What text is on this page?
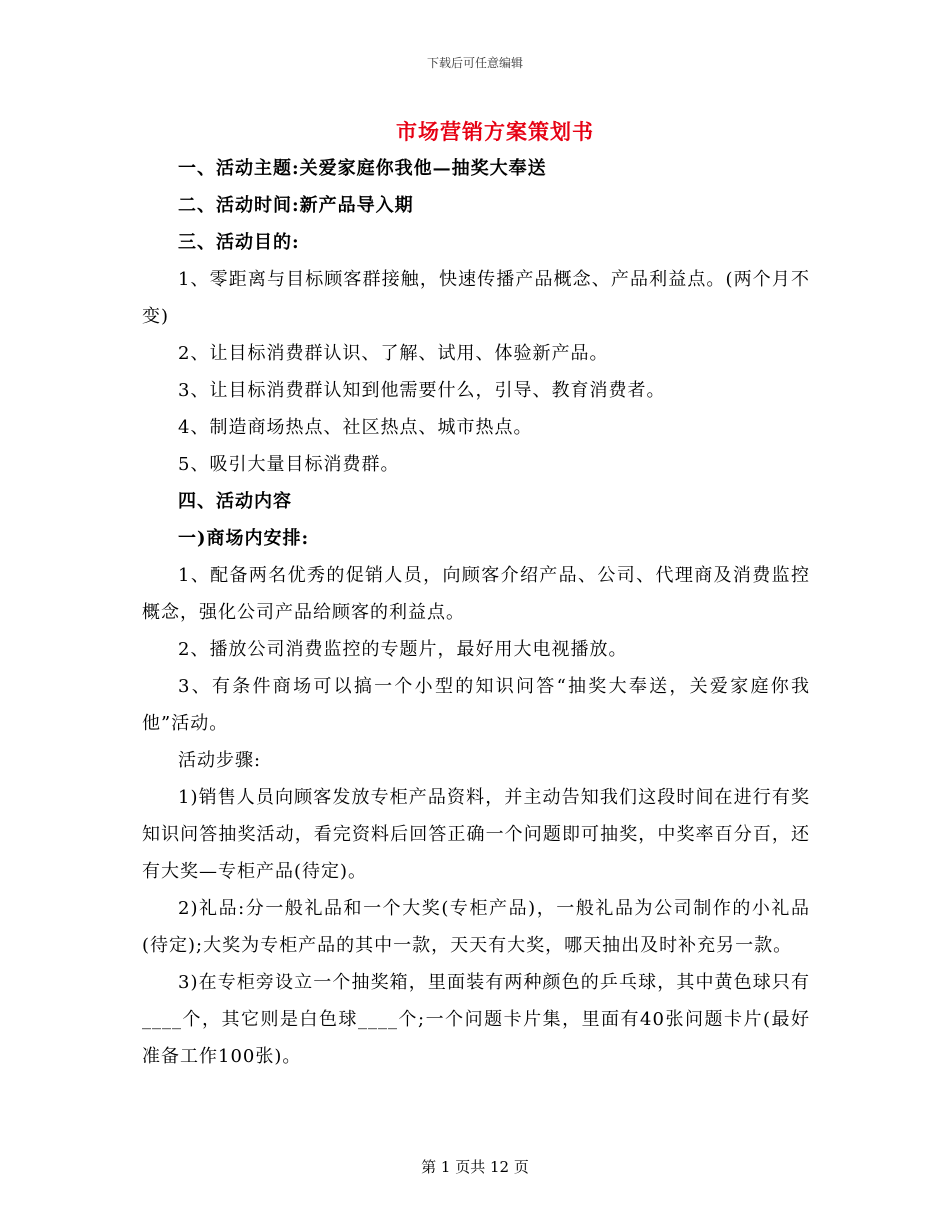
下载后可任意编辑
市场营销方案策划书

一、活动主题:关爱家庭你我他—抽奖大奉送

二、活动时间:新产品导入期

三、活动目的:

1、零距离与目标顾客群接触，快速传播产品概念、产品利益点。(两个月不变)

2、让目标消费群认识、了解、试用、体验新产品。

3、让目标消费群认知到他需要什么，引导、教育消费者。

4、制造商场热点、社区热点、城市热点。

5、吸引大量目标消费群。

四、活动内容

一)商场内安排:

1、配备两名优秀的促销人员，向顾客介绍产品、公司、代理商及消费监控概念，强化公司产品给顾客的利益点。

2、播放公司消费监控的专题片，最好用大电视播放。

3、有条件商场可以搞一个小型的知识问答“抽奖大奉送，关爱家庭你我他”活动。

活动步骤:

1)销售人员向顾客发放专柜产品资料，并主动告知我们这段时间在进行有奖知识问答抽奖活动，看完资料后回答正确一个问题即可抽奖，中奖率百分百，还有大奖—专柜产品(待定)。

2)礼品:分一般礼品和一个大奖(专柜产品)，一般礼品为公司制作的小礼品(待定);大奖为专柜产品的其中一款，天天有大奖，哪天抽出及时补充另一款。

3)在专柜旁设立一个抽奖箱，里面装有两种颜色的乒乓球，其中黄色球只有____个，其它则是白色球____个;一个问题卡片集，里面有40张问题卡片(最好准备工作100张)。

第 1 页共 12 页
